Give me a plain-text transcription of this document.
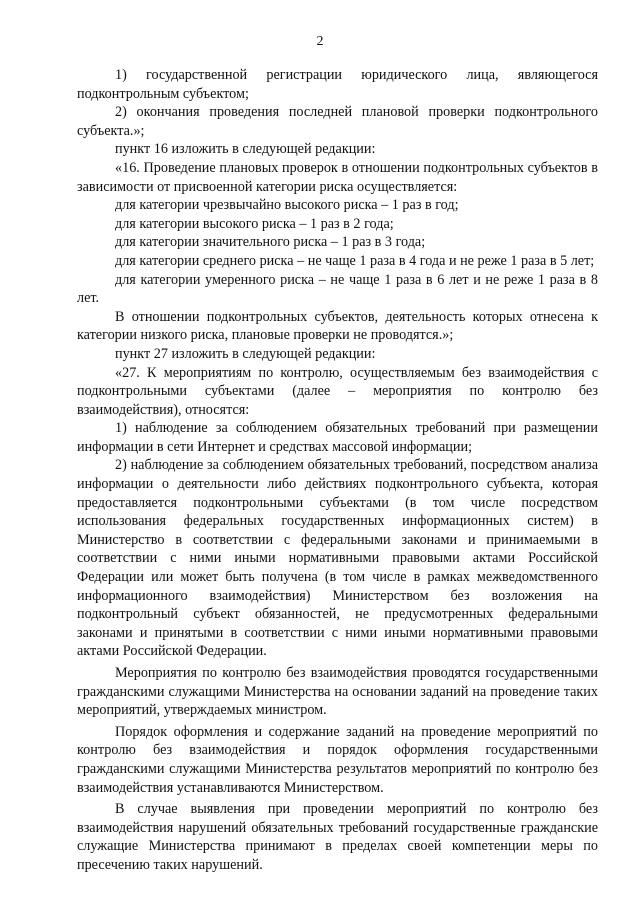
2

1) государственной регистрации юридического лица, являющегося подконтрольным субъектом;

2) окончания проведения последней плановой проверки подконтрольного субъекта.»;

пункт 16 изложить в следующей редакции:

«16. Проведение плановых проверок в отношении подконтрольных субъектов в зависимости от присвоенной категории риска осуществляется:

для категории чрезвычайно высокого риска – 1 раз в год;

для категории высокого риска – 1 раз в 2 года;

для категории значительного риска – 1 раз в 3 года;

для категории среднего риска – не чаще 1 раза в 4 года и не реже 1 раза в 5 лет;

для категории умеренного риска – не чаще 1 раза в 6 лет и не реже 1 раза в 8 лет.

В отношении подконтрольных субъектов, деятельность которых отнесена к категории низкого риска, плановые проверки не проводятся.»;

пункт 27 изложить в следующей редакции:

«27. К мероприятиям по контролю, осуществляемым без взаимодействия с подконтрольными субъектами (далее – мероприятия по контролю без взаимодействия), относятся:

1) наблюдение за соблюдением обязательных требований при размещении информации в сети Интернет и средствах массовой информации;

2) наблюдение за соблюдением обязательных требований, посредством анализа информации о деятельности либо действиях подконтрольного субъекта, которая предоставляется подконтрольными субъектами (в том числе посредством использования федеральных государственных информационных систем) в Министерство в соответствии с федеральными законами и принимаемыми в соответствии с ними иными нормативными правовыми актами Российской Федерации или может быть получена (в том числе в рамках межведомственного информационного взаимодействия) Министерством без возложения на подконтрольный субъект обязанностей, не предусмотренных федеральными законами и принятыми в соответствии с ними иными нормативными правовыми актами Российской Федерации.

Мероприятия по контролю без взаимодействия проводятся государственными гражданскими служащими Министерства на основании заданий на проведение таких мероприятий, утверждаемых министром.

Порядок оформления и содержание заданий на проведение мероприятий по контролю без взаимодействия и порядок оформления государственными гражданскими служащими Министерства результатов мероприятий по контролю без взаимодействия устанавливаются Министерством.

В случае выявления при проведении мероприятий по контролю без взаимодействия нарушений обязательных требований государственные гражданские служащие Министерства принимают в пределах своей компетенции меры по пресечению таких нарушений.
